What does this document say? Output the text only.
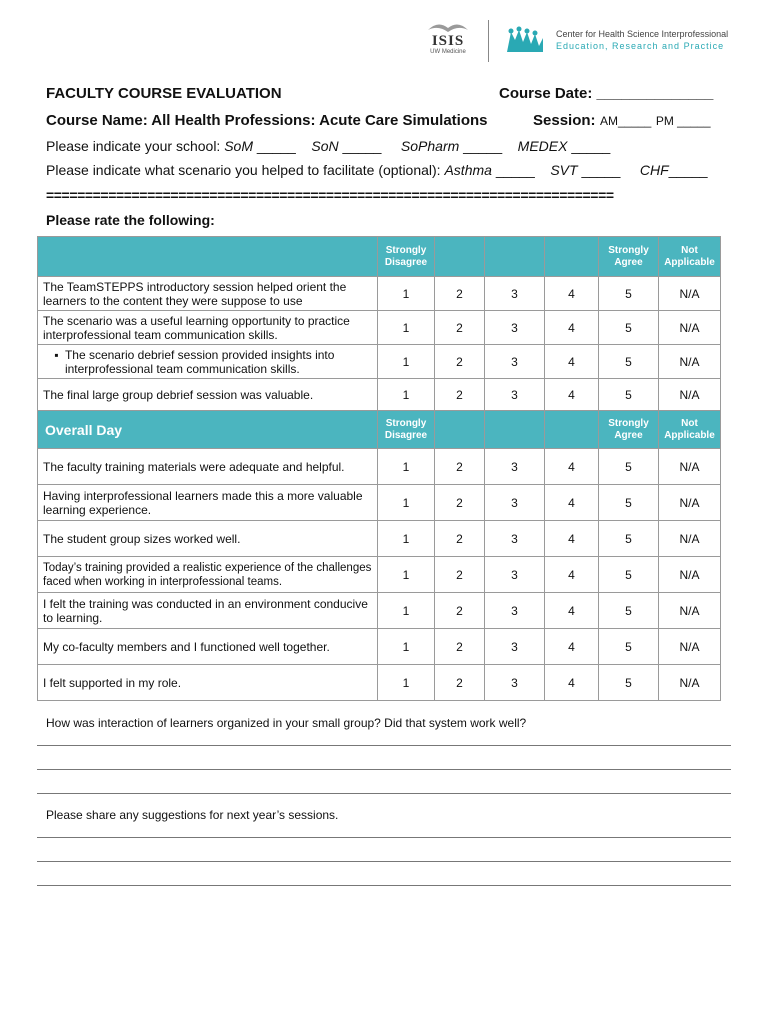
ISIS
UW Medicine
Center for Health Science Interprofessional
Education, Research and Practice
FACULTY COURSE EVALUATION	Course Date: ______________
Course Name: All Health Professions: Acute Care Simulations	Session: AM_____ PM _____
Please indicate your school: SoM _____ SoN _____ SoPharm _____ MEDEX _____
Please indicate what scenario you helped to facilitate (optional): Asthma _____ SVT _____ CHF_____
=========================================================================
Please rate the following:
	Strongly
Disagree				Strongly
Agree	Not
Applicable
The TeamSTEPPS introductory session helped orient the learners to the content they were suppose to use	1	2	3	4	5	N/A
The scenario was a useful learning opportunity to practice interprofessional team communication skills.	1	2	3	4	5	N/A

▪ The scenario debrief session provided insights into interprofessional team communication skills.	1	2	3	4	5	N/A
The final large group debrief session was valuable.	1	2	3	4	5	N/A
Overall Day	Strongly
Disagree				Strongly
Agree	Not
Applicable
The faculty training materials were adequate and helpful.	1	2	3	4	5	N/A
Having interprofessional learners made this a more valuable learning experience.	1	2	3	4	5	N/A
The student group sizes worked well.	1	2	3	4	5	N/A
Today’s training provided a realistic experience of the challenges faced when working in interprofessional teams.	1	2	3	4	5	N/A
I felt the training was conducted in an environment conducive to learning.	1	2	3	4	5	N/A
My co-faculty members and I functioned well together.	1	2	3	4	5	N/A
I felt supported in my role.	1	2	3	4	5	N/A
How was interaction of learners organized in your small group? Did that system work well?
Please share any suggestions for next year’s sessions.
